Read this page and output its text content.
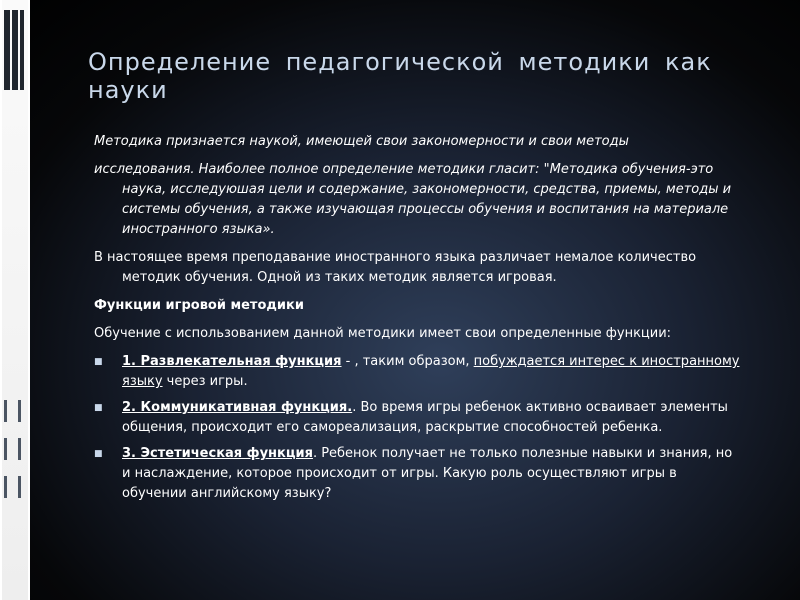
Определение педагогической методики как науки

Методика признается наукой, имеющей свои закономерности и свои методы

исследования. Наиболее полное определение методики гласит: "Методика обучения-это наука, исследуюшая цели и содержание, закономерности, средства, приемы, методы и системы обучения, а также изучающая процессы обучения и воспитания на материале иностранного языка».

В настоящее время преподавание иностранного языка различает немалое количество методик обучения. Одной из таких методик является игровая.

Функции игровой методики

Обучение с использованием данной методики имеет свои определенные функции:

■ 1. Развлекательная функция - , таким образом, побуждается интерес к иностранному языку через игры.
■ 2. Коммуникативная функция.. Во время игры ребенок активно осваивает элементы общения, происходит его самореализация, раскрытие способностей ребенка.
■ 3. Эстетическая функция. Ребенок получает не только полезные навыки и знания, но и наслаждение, которое происходит от игры. Какую роль осуществляют игры в обучении английскому языку?
